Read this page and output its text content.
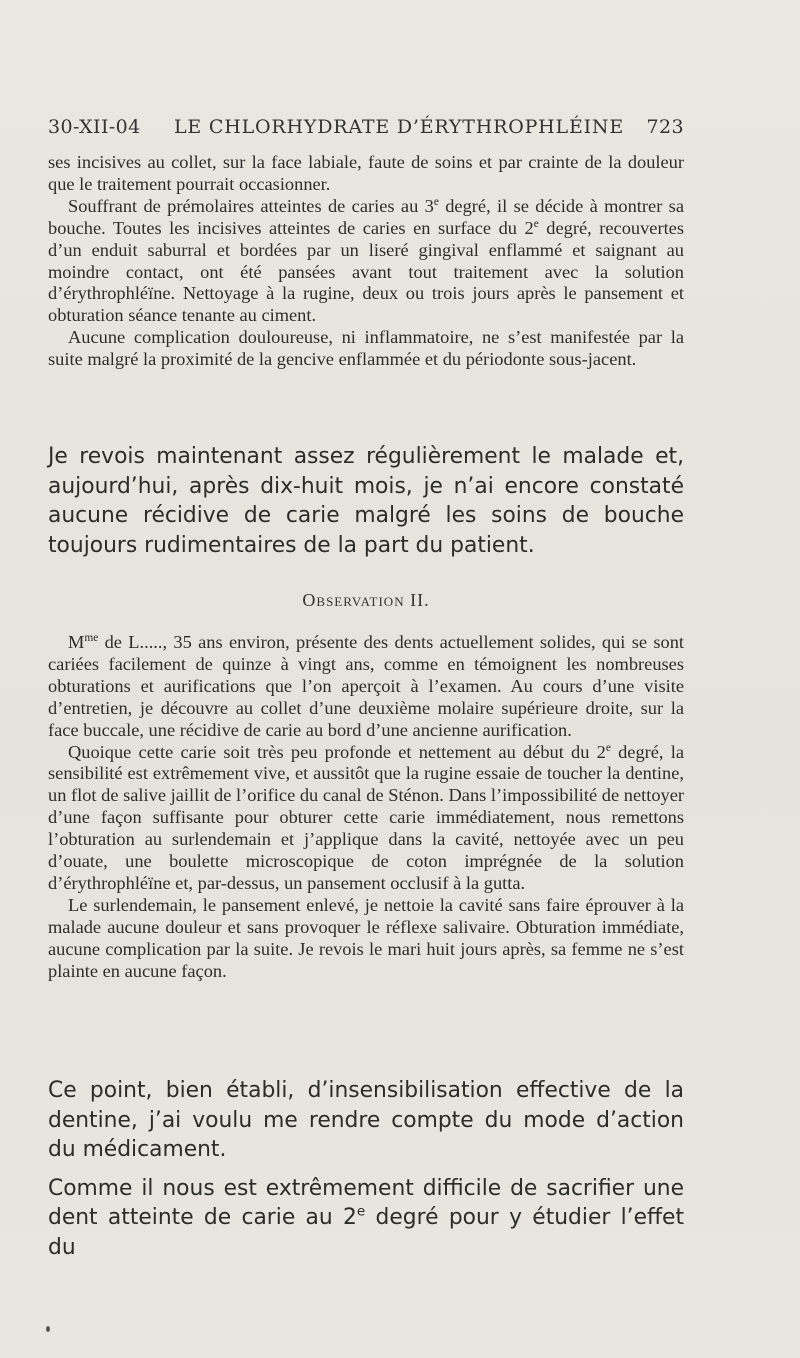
30-XII-04 LE CHLORHYDRATE D’ÉRYTHROPHLÉINE 723

ses incisives au collet, sur la face labiale, faute de soins et par crainte de la douleur que le traitement pourrait occasionner.

Souffrant de prémolaires atteintes de caries au 3e degré, il se décide à montrer sa bouche. Toutes les incisives atteintes de caries en surface du 2e degré, recouvertes d’un enduit saburral et bordées par un liseré gingival enflammé et saignant au moindre contact, ont été pansées avant tout traitement avec la solution d’érythrophléïne. Nettoyage à la rugine, deux ou trois jours après le pansement et obturation séance tenante au ciment.

Aucune complication douloureuse, ni inflammatoire, ne s’est manifestée par la suite malgré la proximité de la gencive enflammée et du périodonte sous-jacent.

Je revois maintenant assez régulièrement le malade et, aujourd’hui, après dix-huit mois, je n’ai encore constaté aucune récidive de carie malgré les soins de bouche toujours rudimentaires de la part du patient.

Observation II.

$M^{me}$ de L....., 35 ans environ, présente des dents actuellement solides, qui se sont cariées facilement de quinze à vingt ans, comme en témoignent les nombreuses obturations et aurifications que l’on aperçoit à l’examen. Au cours d’une visite d’entretien, je découvre au collet d’une deuxième molaire supérieure droite, sur la face buccale, une récidive de carie au bord d’une ancienne aurification.

Quoique cette carie soit très peu profonde et nettement au début du 2e degré, la sensibilité est extrêmement vive, et aussitôt que la rugine essaie de toucher la dentine, un flot de salive jaillit de l’orifice du canal de Sténon. Dans l’impossibilité de nettoyer d’une façon suffisante pour obturer cette carie immédiatement, nous remettons l’obturation au surlendemain et j’applique dans la cavité, nettoyée avec un peu d’ouate, une boulette microscopique de coton imprégnée de la solution d’érythrophléïne et, par-dessus, un pansement occlusif à la gutta.

Le surlendemain, le pansement enlevé, je nettoie la cavité sans faire éprouver à la malade aucune douleur et sans provoquer le réflexe salivaire. Obturation immédiate, aucune complication par la suite. Je revois le mari huit jours après, sa femme ne s’est plainte en aucune façon.

Ce point, bien établi, d’insensibilisation effective de la dentine, j’ai voulu me rendre compte du mode d’action du médicament.

Comme il nous est extrêmement difficile de sacrifier une dent atteinte de carie au 2e degré pour y étudier l’effet du
